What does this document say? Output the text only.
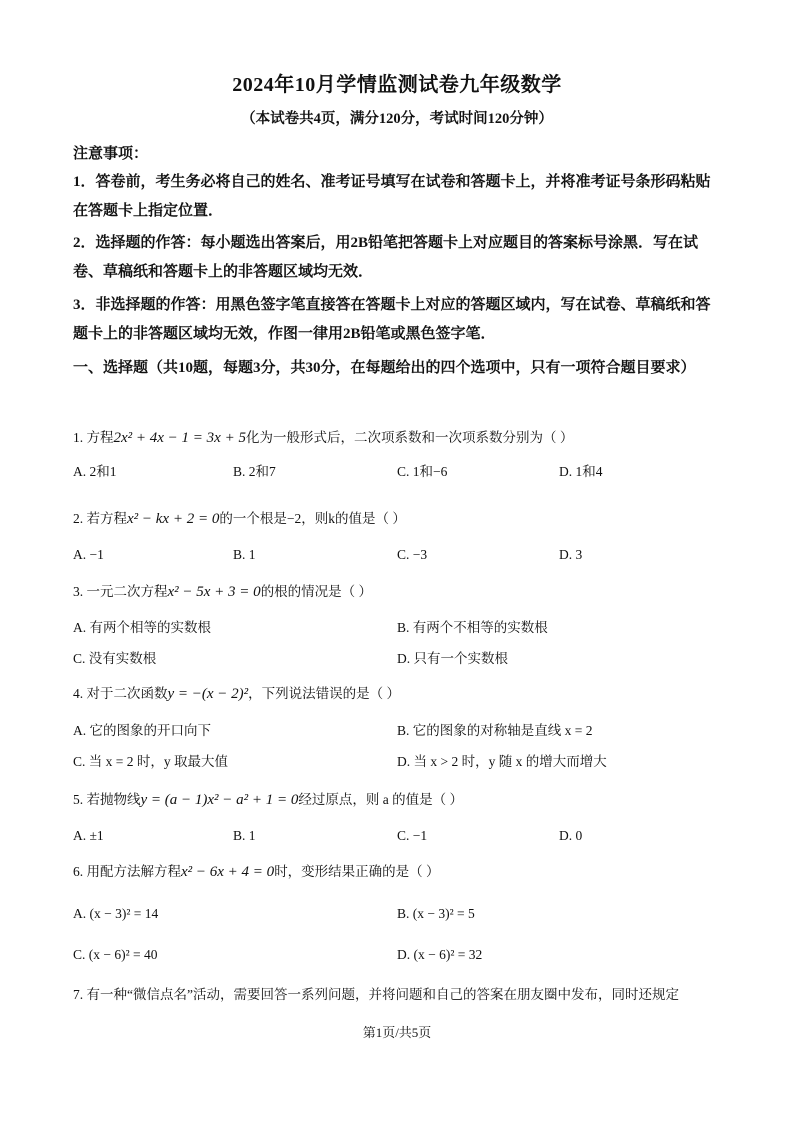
2024年10月学情监测试卷九年级数学
（本试卷共4页，满分120分，考试时间120分钟）
注意事项：
1．答卷前，考生务必将自己的姓名、准考证号填写在试卷和答题卡上，并将准考证号条形码粘贴在答题卡上指定位置．
2．选择题的作答：每小题选出答案后，用2B铅笔把答题卡上对应题目的答案标号涂黑．写在试卷、草稿纸和答题卡上的非答题区域均无效．
3．非选择题的作答：用黑色签字笔直接答在答题卡上对应的答题区域内，写在试卷、草稿纸和答题卡上的非答题区域均无效，作图一律用2B铅笔或黑色签字笔．
一、选择题（共10题，每题3分，共30分，在每题给出的四个选项中，只有一项符合题目要求）
1. 方程2x² + 4x − 1 = 3x + 5化为一般形式后，二次项系数和一次项系数分别为（ ）
A. 2和1	B. 2和7	C. 1和−6	D. 1和4
2. 若方程x² − kx + 2 = 0的一个根是−2，则k的值是（ ）
A. −1	B. 1	C. −3	D. 3
3. 一元二次方程x² − 5x + 3 = 0的根的情况是（ ）
A. 有两个相等的实数根	B. 有两个不相等的实数根
C. 没有实数根	D. 只有一个实数根
4. 对于二次函数y = −(x − 2)²，下列说法错误的是（ ）
A. 它的图象的开口向下	B. 它的图象的对称轴是直线 x = 2
C. 当 x = 2 时，y 取最大值	D. 当 x > 2 时，y 随 x 的增大而增大
5. 若抛物线y = (a − 1)x² − a² + 1 = 0经过原点，则 a 的值是（ ）
A. ±1	B. 1	C. −1	D. 0
6. 用配方法解方程x² − 6x + 4 = 0时，变形结果正确的是（ ）
A. (x − 3)² = 14	B. (x − 3)² = 5
C. (x − 6)² = 40	D. (x − 6)² = 32
7. 有一种“微信点名”活动，需要回答一系列问题，并将问题和自己的答案在朋友圈中发布，同时还规定
第1页/共5页
